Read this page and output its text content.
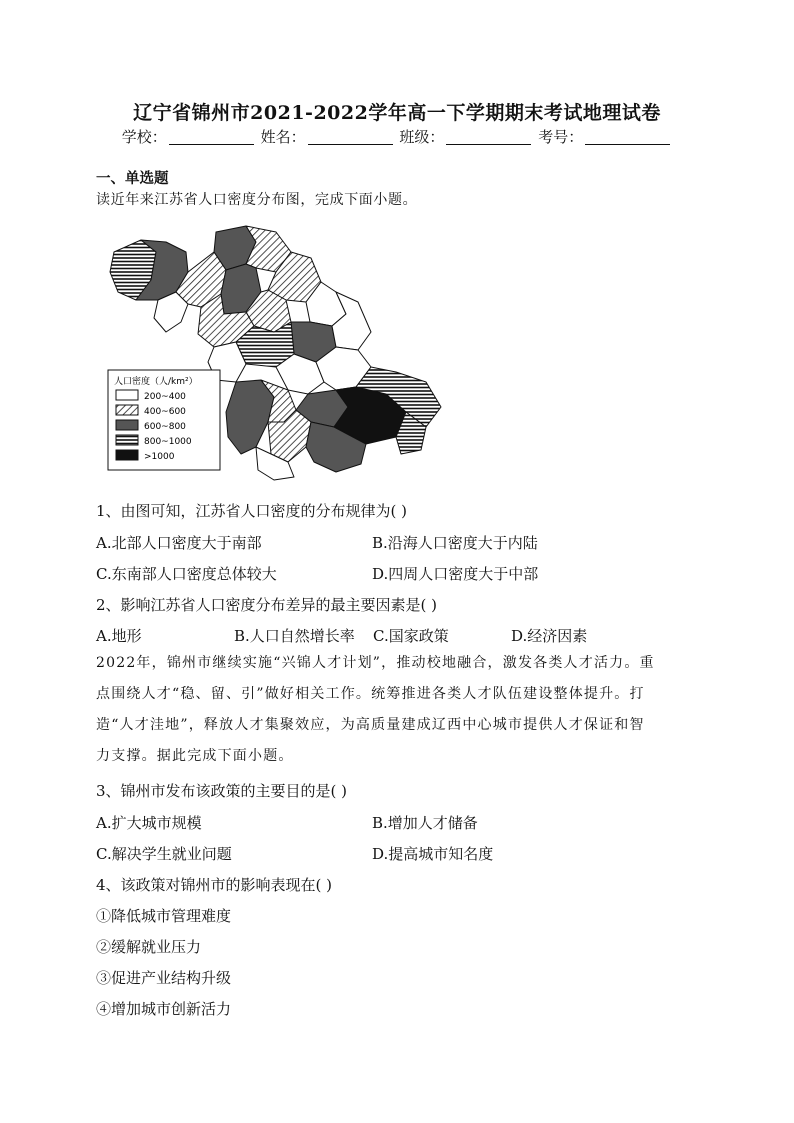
辽宁省锦州市2021-2022学年高一下学期期末考试地理试卷
学校：	姓名：	班级：	考号：
一、单选题
读近年来江苏省人口密度分布图，完成下面小题。
人口密度（人/km²）
200~400
400~600
600~800
800~1000
>1000
1、由图可知，江苏省人口密度的分布规律为( )
A.北部人口密度大于南部	B.沿海人口密度大于内陆
C.东南部人口密度总体较大	D.四周人口密度大于中部
2、影响江苏省人口密度分布差异的最主要因素是( )
A.地形	B.人口自然增长率 C.国家政策	D.经济因素
2022年，锦州市继续实施“兴锦人才计划”，推动校地融合，激发各类人才活力。重
点围绕人才“稳、留、引”做好相关工作。统筹推进各类人才队伍建设整体提升。打
造“人才洼地”，释放人才集聚效应，为高质量建成辽西中心城市提供人才保证和智
力支撑。据此完成下面小题。
3、锦州市发布该政策的主要目的是( )
A.扩大城市规模	B.增加人才储备
C.解决学生就业问题	D.提高城市知名度
4、该政策对锦州市的影响表现在( )
①降低城市管理难度
②缓解就业压力
③促进产业结构升级
④增加城市创新活力
